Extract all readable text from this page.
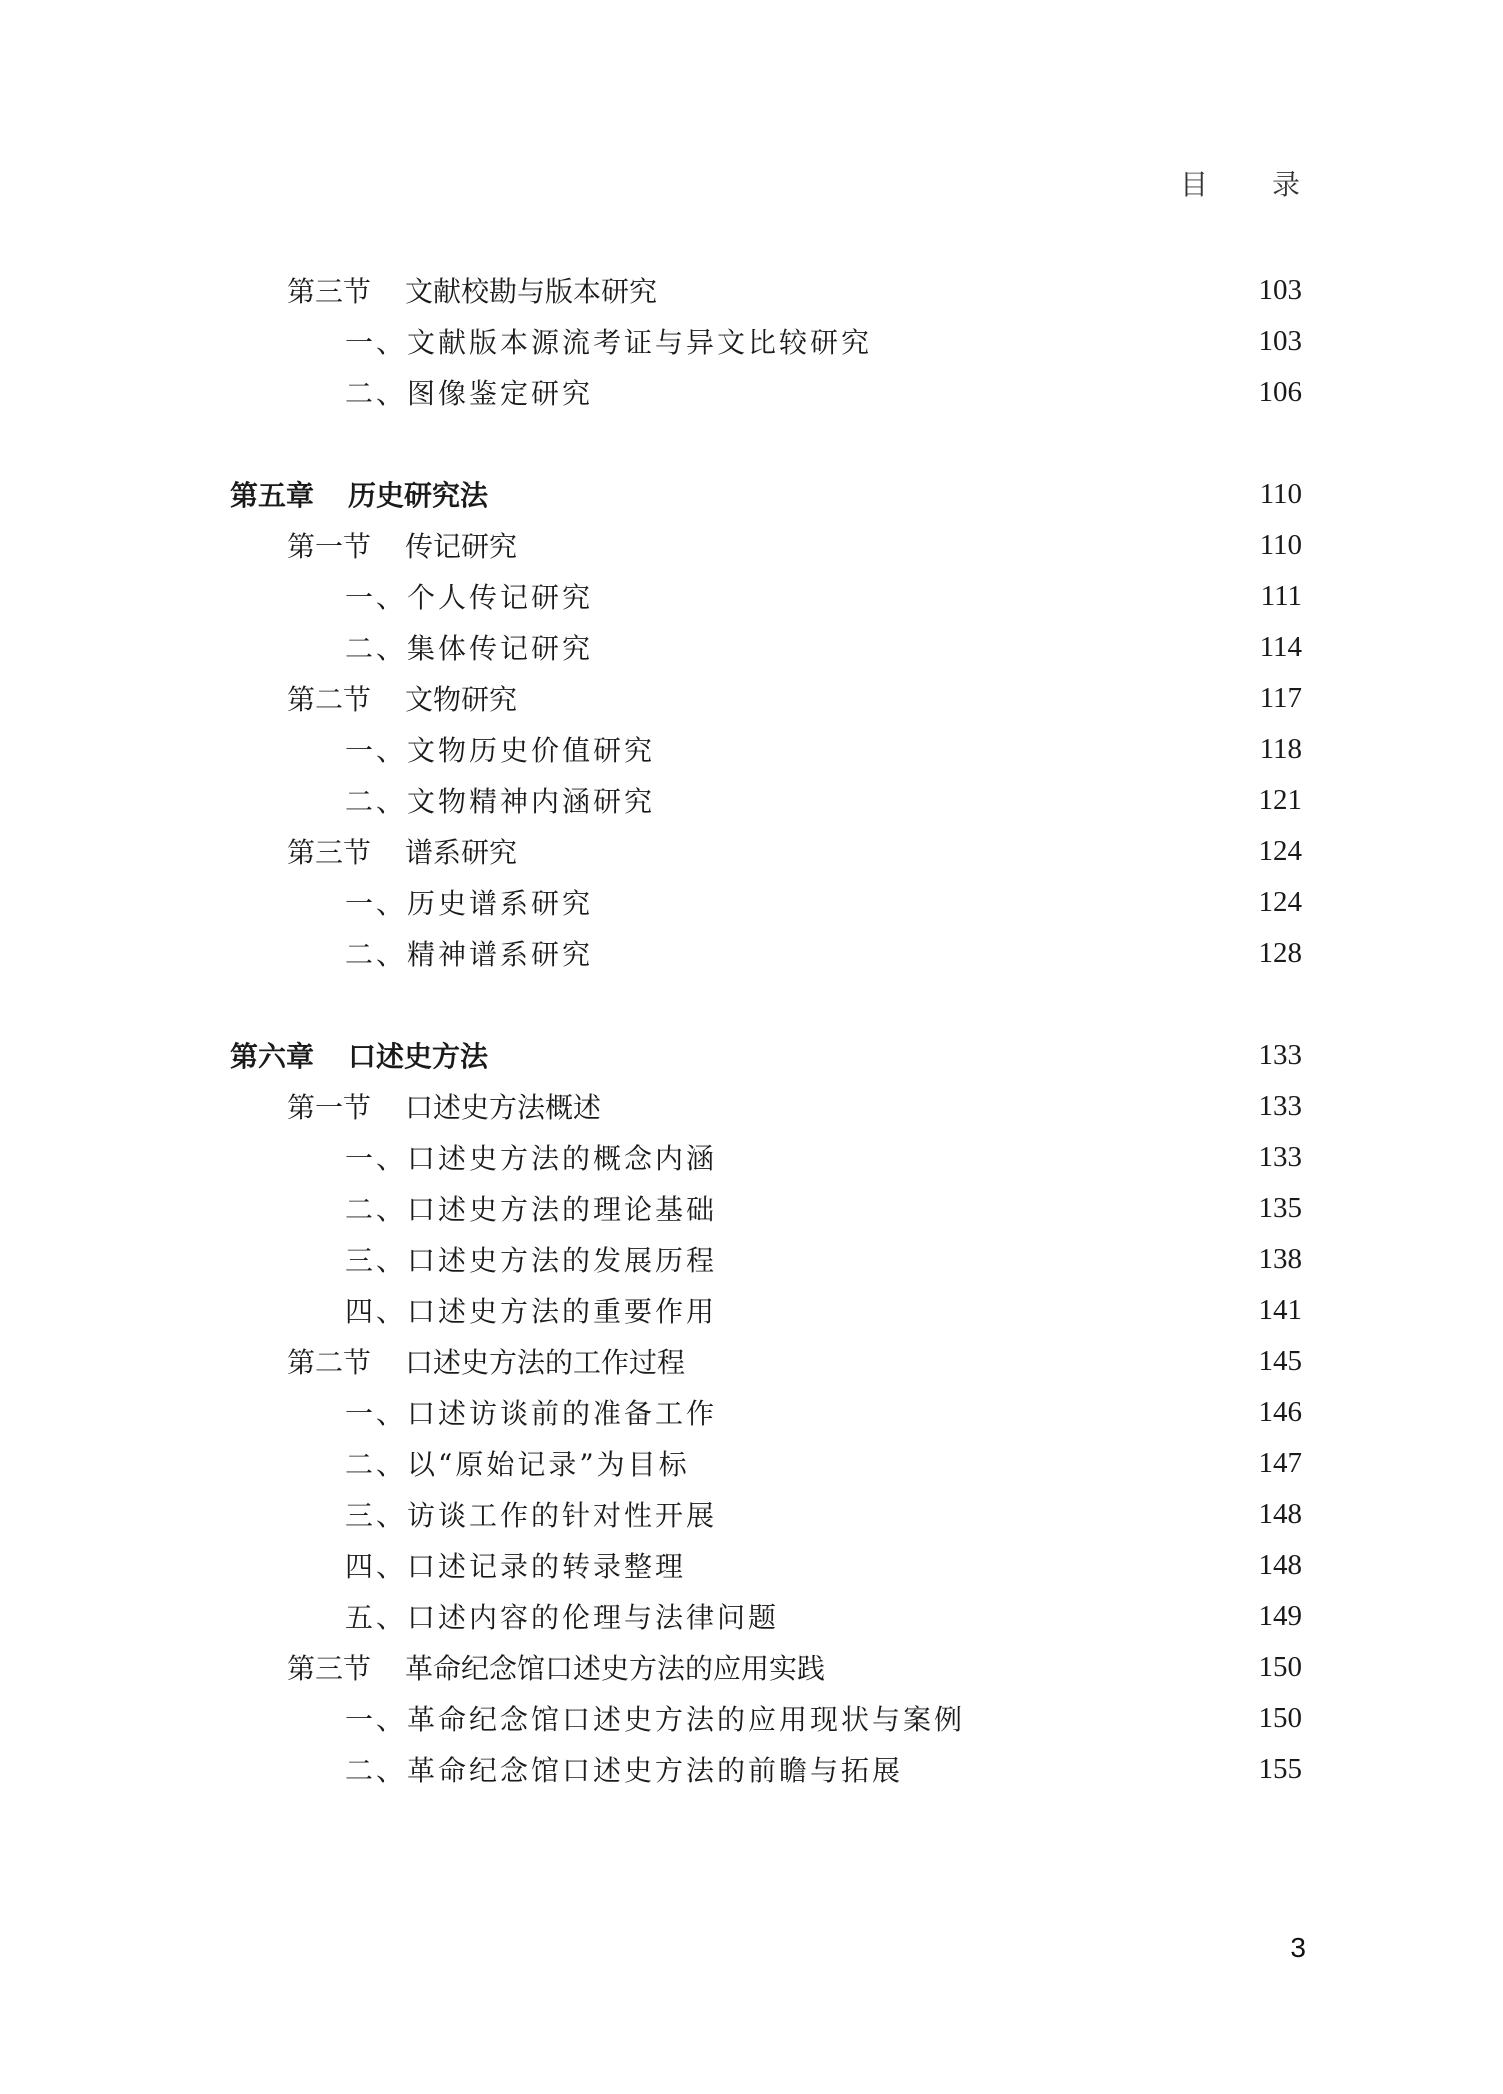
目 录
第三节 文献校勘与版本研究	103
一、文献版本源流考证与异文比较研究	103
二、图像鉴定研究	106
第五章 历史研究法	110
第一节 传记研究	110
一、个人传记研究	111
二、集体传记研究	114
第二节 文物研究	117
一、文物历史价值研究	118
二、文物精神内涵研究	121
第三节 谱系研究	124
一、历史谱系研究	124
二、精神谱系研究	128
第六章 口述史方法	133
第一节 口述史方法概述	133
一、口述史方法的概念内涵	133
二、口述史方法的理论基础	135
三、口述史方法的发展历程	138
四、口述史方法的重要作用	141
第二节 口述史方法的工作过程	145
一、口述访谈前的准备工作	146
二、以“原始记录”为目标	147
三、访谈工作的针对性开展	148
四、口述记录的转录整理	148
五、口述内容的伦理与法律问题	149
第三节 革命纪念馆口述史方法的应用实践	150
一、革命纪念馆口述史方法的应用现状与案例	150
二、革命纪念馆口述史方法的前瞻与拓展	155
3
